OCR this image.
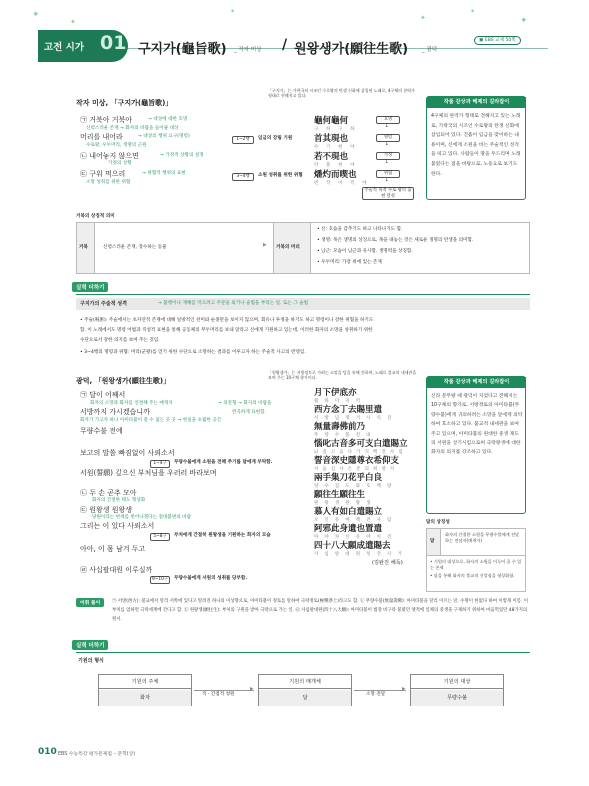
✦
✦
✦
✦
✦
✦
고전 시가 01 구지가(龜旨歌) _ 작자 미상 / 원왕생가(願往生歌)	_ 광덕
▣ EBS 교재 50쪽
작자 미상, 「구지가(龜旨歌)」
「구지가」는 가락국의 시조인 수로왕의 탄생 신화에 삽입된 노래로, 4구체의 한역가 형태로 전해지고 있다.
㉠ 거북아 거북아	→ 대상에 대한 호명
신령스러운 존재 → 화자의 바람을 들어줄 대상
머리를 내어라	→ 대상의 행위 요구(명령)
수로왕, 우두머리, 생명의 근원
㉡ 내어놓지 않으면	→ 가정적 상황의 설정
가정의 상황
㉢ 구워 먹으리	→ 위협적 행위의 표현
소망 성취를 위한 위협
1~2행	임금의 강림 기원
3~4행	소원 성취를 위한 위협
龜何龜何
구 하 구 하
首其現也
수 기 현 야
若不現也
약 불 현 야
燔灼而喫也
번 작 이 끽 야
호명
↓
명령
↓
가정
↓
위협
↓
주술적 목적 수로 왕의 출현 달성
작품 감상과 해제의 길라잡이
4구체의 한역가 형태로 전해지고 있는 노래로, 가락국의 시조인 수로왕의 탄생 신화에 삽입되어 있다. 진흙이 임금을 맞이하는 내용이며, 신에게 소원을 비는 주술적인 성격을 띠고 있다. 사람들이 땅을 두드리며 노래 불렀다는 점을 바탕으로, 노동요로 보기도 한다.
거북의 상징적 의미
거북	신령스러운 존재, 장수하는 동물	▶ 거북의 머리
• 신: 호습을 감추기도 하고 나타나기도 함.
• 생명: 목은 생명의 상징으로, 목을 내놓는 것은 새로운 생명의 탄생을 의미함.
• 남근: 모습이 남근과 유사함. 생명력을 상징함.
• 우두머리: 가장 위에 있는 존재
실력 더하기
구지가의 주술적 성격	→ 불행이나 재해를 막으려고 주문을 외거나 술법을 부리는 일. 또는 그 술법
• 주술(呪術): 주술에서는 초자연적 존재에 대해 일방적인 찬미와 순종만을 보이지 않으며, 회유나 투정을 하기도 하고 명령이나 강한 위협을 하기도
함. 이 노래에서도 명령 어법과 직설적 표현을 통해 공동체의 무두머리를 보내 달라고 신에게 기원하고 있는데, 이러한 화자의 소망을 성취하기 위한
수단으로서 강한 의지를 보여 주는 것임.
• 3~4행의 명령과 위협: 머리(군왕)를 얻기 위한 수단으로 소망하는 결과를 이루고자 하는 주술적 사고의 반영임.
광덕, 「원왕생가(願往生歌)」
「원왕생가」는 서방정토로 가려는 소망을 담을 통해 전하며, 노래로 불교의 내세관을 보여 주는 10구체 향가이다.
㉠ 달이 어째서
화자의 소망과 화자를 연결해 주는 매개자	→ 의문형 → 화자의 바람을
서방까지 가시겠습니까	완곡하게 표현함.
화자가 가고자 하나 아미타불이 갈 수 없는 곳 곳 → 현실을 초월한 공간
무량수불 전에
보고의 말씀 빠짐없이 사뢰소서
1~4구	무량수불에게 소원을 전해 주기를 달에게 부탁함.
서원(誓願) 깊으신 부처님을 우러러 바라보며
㉡ 두 손 곧추 모아
화자의 간절한 태도 형상화
㉢ 원왕생 원왕생
당원이라는 현세를 벗어나겠다는 절대불변의 바람
그리는 이 있다 사뢰소서
5~8구	부처에게 간절히 원왕생을 기원하는 화자의 모습
아아, 이 몸 남겨 두고
㉣ 사십팔대원 이루실까
9~10구	무량수불에게 서원의 성취를 당부함.
月下伊底亦
월 하 이 저 역
西方念丁去賜里遣
서 방 념 정 거 사 리 견
無量壽佛前乃
무 량 수 불 전 내
惱叱古音多可支白遣賜立
뇌 질 고 음 다 가 지 백 견 사 립
誓音深史隱尊衣希仰支
서 음 심 사 은 존 의 희 앙 지
兩手集刀花乎白良
양 수 집 도 화 호 백 량
願往生願往生
원 왕 생 원 왕 생
慕人有如白遣賜立
모 인 유 여 백 견 사 립
阿邪此身遺也置遣
아 야 차 신 유 야 치 견
四十八大願成遣賜去
사 십 팔 대 원 성 견 사 거
(김완진 해독)
작품 감상과 해제의 길라잡이
신라 문무왕 때 광덕이 지었다고 전해지는 10구체의 향가로, 서방정토의 아미타불(무량수불)에게 귀의하려는 소망을 달에게 의탁하여 호소하고 있다. 불교적 내세관을 보여 주고 있으며, 아미타불의 원대한 중생 제도의 서원을 상기시킴으로써 극락왕생에 대한 화자의 의지를 강조하고 있다.
달의 상징성
달
화자의 간절한 소원을 무량수불에게 전달하는 전달자(매개자)
• 기원의 대상으로, 화자의 소원을 이루어 줄 수 있는 존재
• 달을 통해 화자의 불교적 신앙심을 형상화함.
어휘 풀이	㉠ 서방(西方): 불교에서 말리 서쪽에 있다고 알려진 하나의 이상향으로, 아미타불이 정토를 말하여 극락정토(極樂淨土)라고도 함. ㉡ 무량수불(無量壽佛): 아미타불을 달리 이르는 말. 수명이 한없다 하여 이렇게 이름. 이 부처를 염하면 극락세계에 간다고 함. ㉢ 원왕생(願往生): 부처의 구원을 받아 극락으로 가는 일. ㉣ 사십팔대원(四十八大願): 아미타불이 법장 비구라 불렸던 옛적에 일체의 중생을 구제하기 위하여 마음먹었던 48가지의 원서.
실력 더하기
기원의 형식
기원의 주체
화자
▶
직 · 간접적 청원
기원의 매개체
달
▶
소망 전달
기원의 대상
무량수불
010 EBS 수능특강 평가문제집 – 문학(상)
